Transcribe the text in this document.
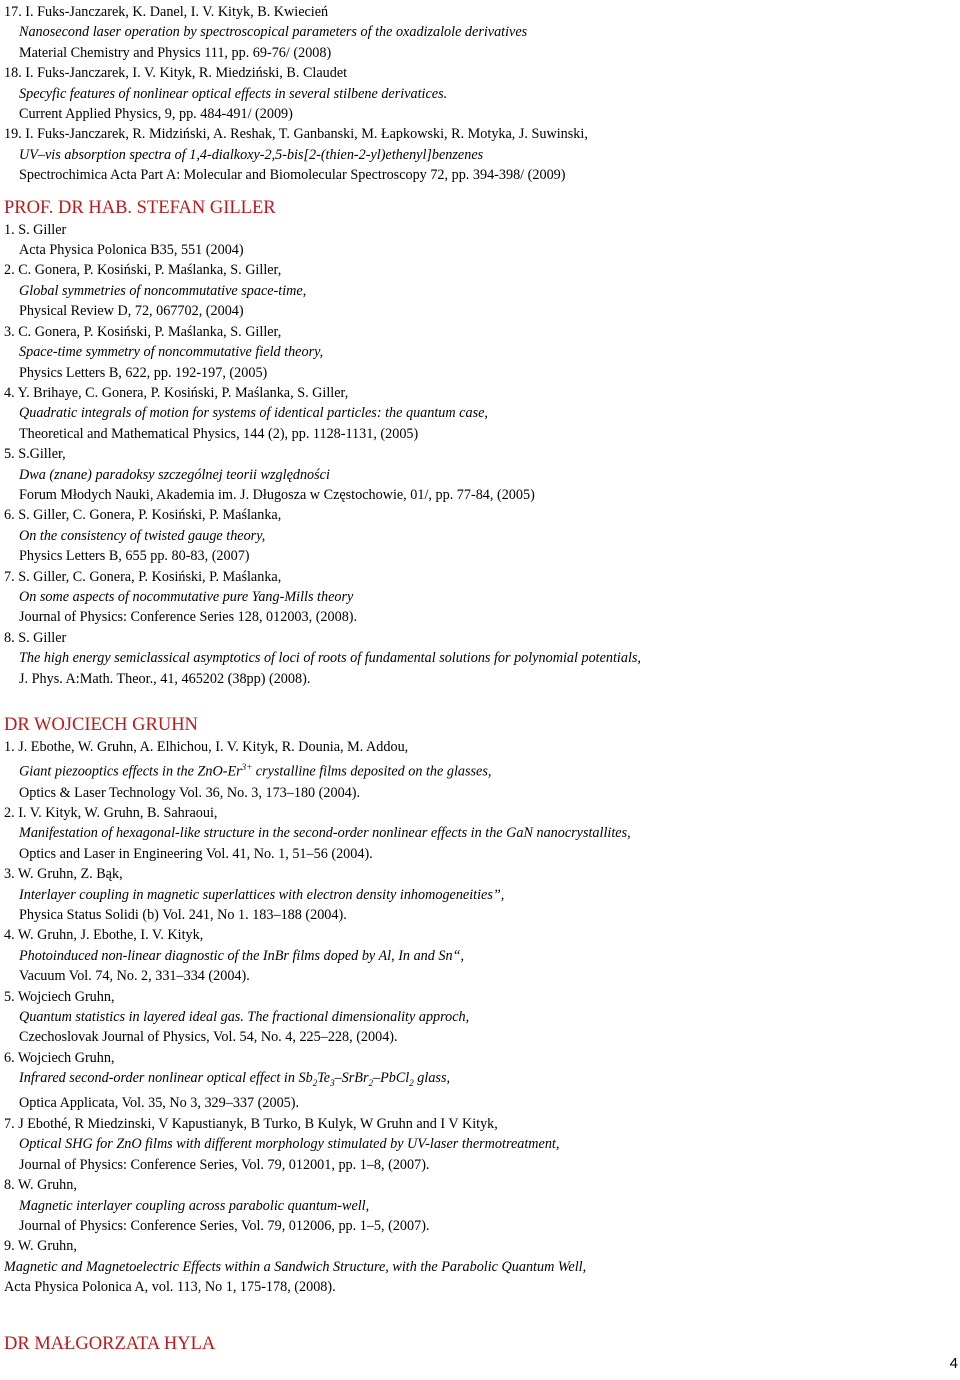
17. I. Fuks-Janczarek, K. Danel, I. V. Kityk, B. Kwiecień
Nanosecond laser operation by spectroscopical parameters of the oxadizalole derivatives
Material Chemistry and Physics 111, pp. 69-76/ (2008)
18. I. Fuks-Janczarek, I. V. Kityk, R. Miedziński, B. Claudet
Specyfic features of nonlinear optical effects in several stilbene derivatices.
Current Applied Physics, 9, pp. 484-491/ (2009)
19. I. Fuks-Janczarek, R. Midziński, A. Reshak, T. Ganbanski, M. Łapkowski, R. Motyka, J. Suwinski,
UV–vis absorption spectra of 1,4-dialkoxy-2,5-bis[2-(thien-2-yl)ethenyl]benzenes
Spectrochimica Acta Part A: Molecular and Biomolecular Spectroscopy 72, pp. 394-398/ (2009)
PROF. DR HAB. STEFAN GILLER
1. S. Giller
Acta Physica Polonica B35, 551 (2004)
2. C. Gonera, P. Kosiński, P. Maślanka, S. Giller,
Global symmetries of noncommutative space-time,
Physical Review D, 72, 067702, (2004)
3. C. Gonera, P. Kosiński, P. Maślanka, S. Giller,
Space-time symmetry of noncommutative field theory,
Physics Letters B, 622, pp. 192-197, (2005)
4. Y. Brihaye, C. Gonera, P. Kosiński, P. Maślanka, S. Giller,
Quadratic integrals of motion for systems of identical particles: the quantum case,
Theoretical and Mathematical Physics, 144 (2), pp. 1128-1131, (2005)
5. S.Giller,
Dwa (znane) paradoksy szczególnej teorii względności
Forum Młodych Nauki, Akademia im. J. Długosza w Częstochowie, 01/, pp. 77-84, (2005)
6. S. Giller, C. Gonera, P. Kosiński, P. Maślanka,
On the consistency of twisted gauge theory,
Physics Letters B, 655 pp. 80-83, (2007)
7. S. Giller, C. Gonera, P. Kosiński, P. Maślanka,
On some aspects of nocommutative pure Yang-Mills theory
Journal of Physics: Conference Series 128, 012003, (2008).
8. S. Giller
The high energy semiclassical asymptotics of loci of roots of fundamental solutions for polynomial potentials,
J. Phys. A:Math. Theor., 41, 465202 (38pp) (2008).
DR WOJCIECH GRUHN
1. J. Ebothe, W. Gruhn, A. Elhichou, I. V. Kityk, R. Dounia, M. Addou,
Giant piezooptics effects in the ZnO-$Er^{3+}$ crystalline films deposited on the glasses,
Optics & Laser Technology Vol. 36, No. 3, 173–180 (2004).
2. I. V. Kityk, W. Gruhn, B. Sahraoui,
Manifestation of hexagonal-like structure in the second-order nonlinear effects in the GaN nanocrystallites,
Optics and Laser in Engineering Vol. 41, No. 1, 51–56 (2004).
3. W. Gruhn, Z. Bąk,
Interlayer coupling in magnetic superlattices with electron density inhomogeneities”,
Physica Status Solidi (b) Vol. 241, No 1. 183–188 (2004).
4. W. Gruhn, J. Ebothe, I. V. Kityk,
Photoinduced non-linear diagnostic of the InBr films doped by Al, In and Sn“,
Vacuum Vol. 74, No. 2, 331–334 (2004).
5. Wojciech Gruhn,
Quantum statistics in layered ideal gas. The fractional dimensionality approch,
Czechoslovak Journal of Physics, Vol. 54, No. 4, 225–228, (2004).
6. Wojciech Gruhn,
Infrared second-order nonlinear optical effect in $Sb_2Te_3-SrBr_2-PbCl_2$ glass,
Optica Applicata, Vol. 35, No 3, 329–337 (2005).
7. J Ebothé, R Miedzinski, V Kapustianyk, B Turko, B Kulyk, W Gruhn and I V Kityk,
Optical SHG for ZnO films with different morphology stimulated by UV-laser thermotreatment,
Journal of Physics: Conference Series, Vol. 79, 012001, pp. 1–8, (2007).
8. W. Gruhn,
Magnetic interlayer coupling across parabolic quantum-well,
Journal of Physics: Conference Series, Vol. 79, 012006, pp. 1–5, (2007).
9. W. Gruhn,
Magnetic and Magnetoelectric Effects within a Sandwich Structure, with the Parabolic Quantum Well,
Acta Physica Polonica A, vol. 113, No 1, 175-178, (2008).
DR MAŁGORZATA HYLA
4
